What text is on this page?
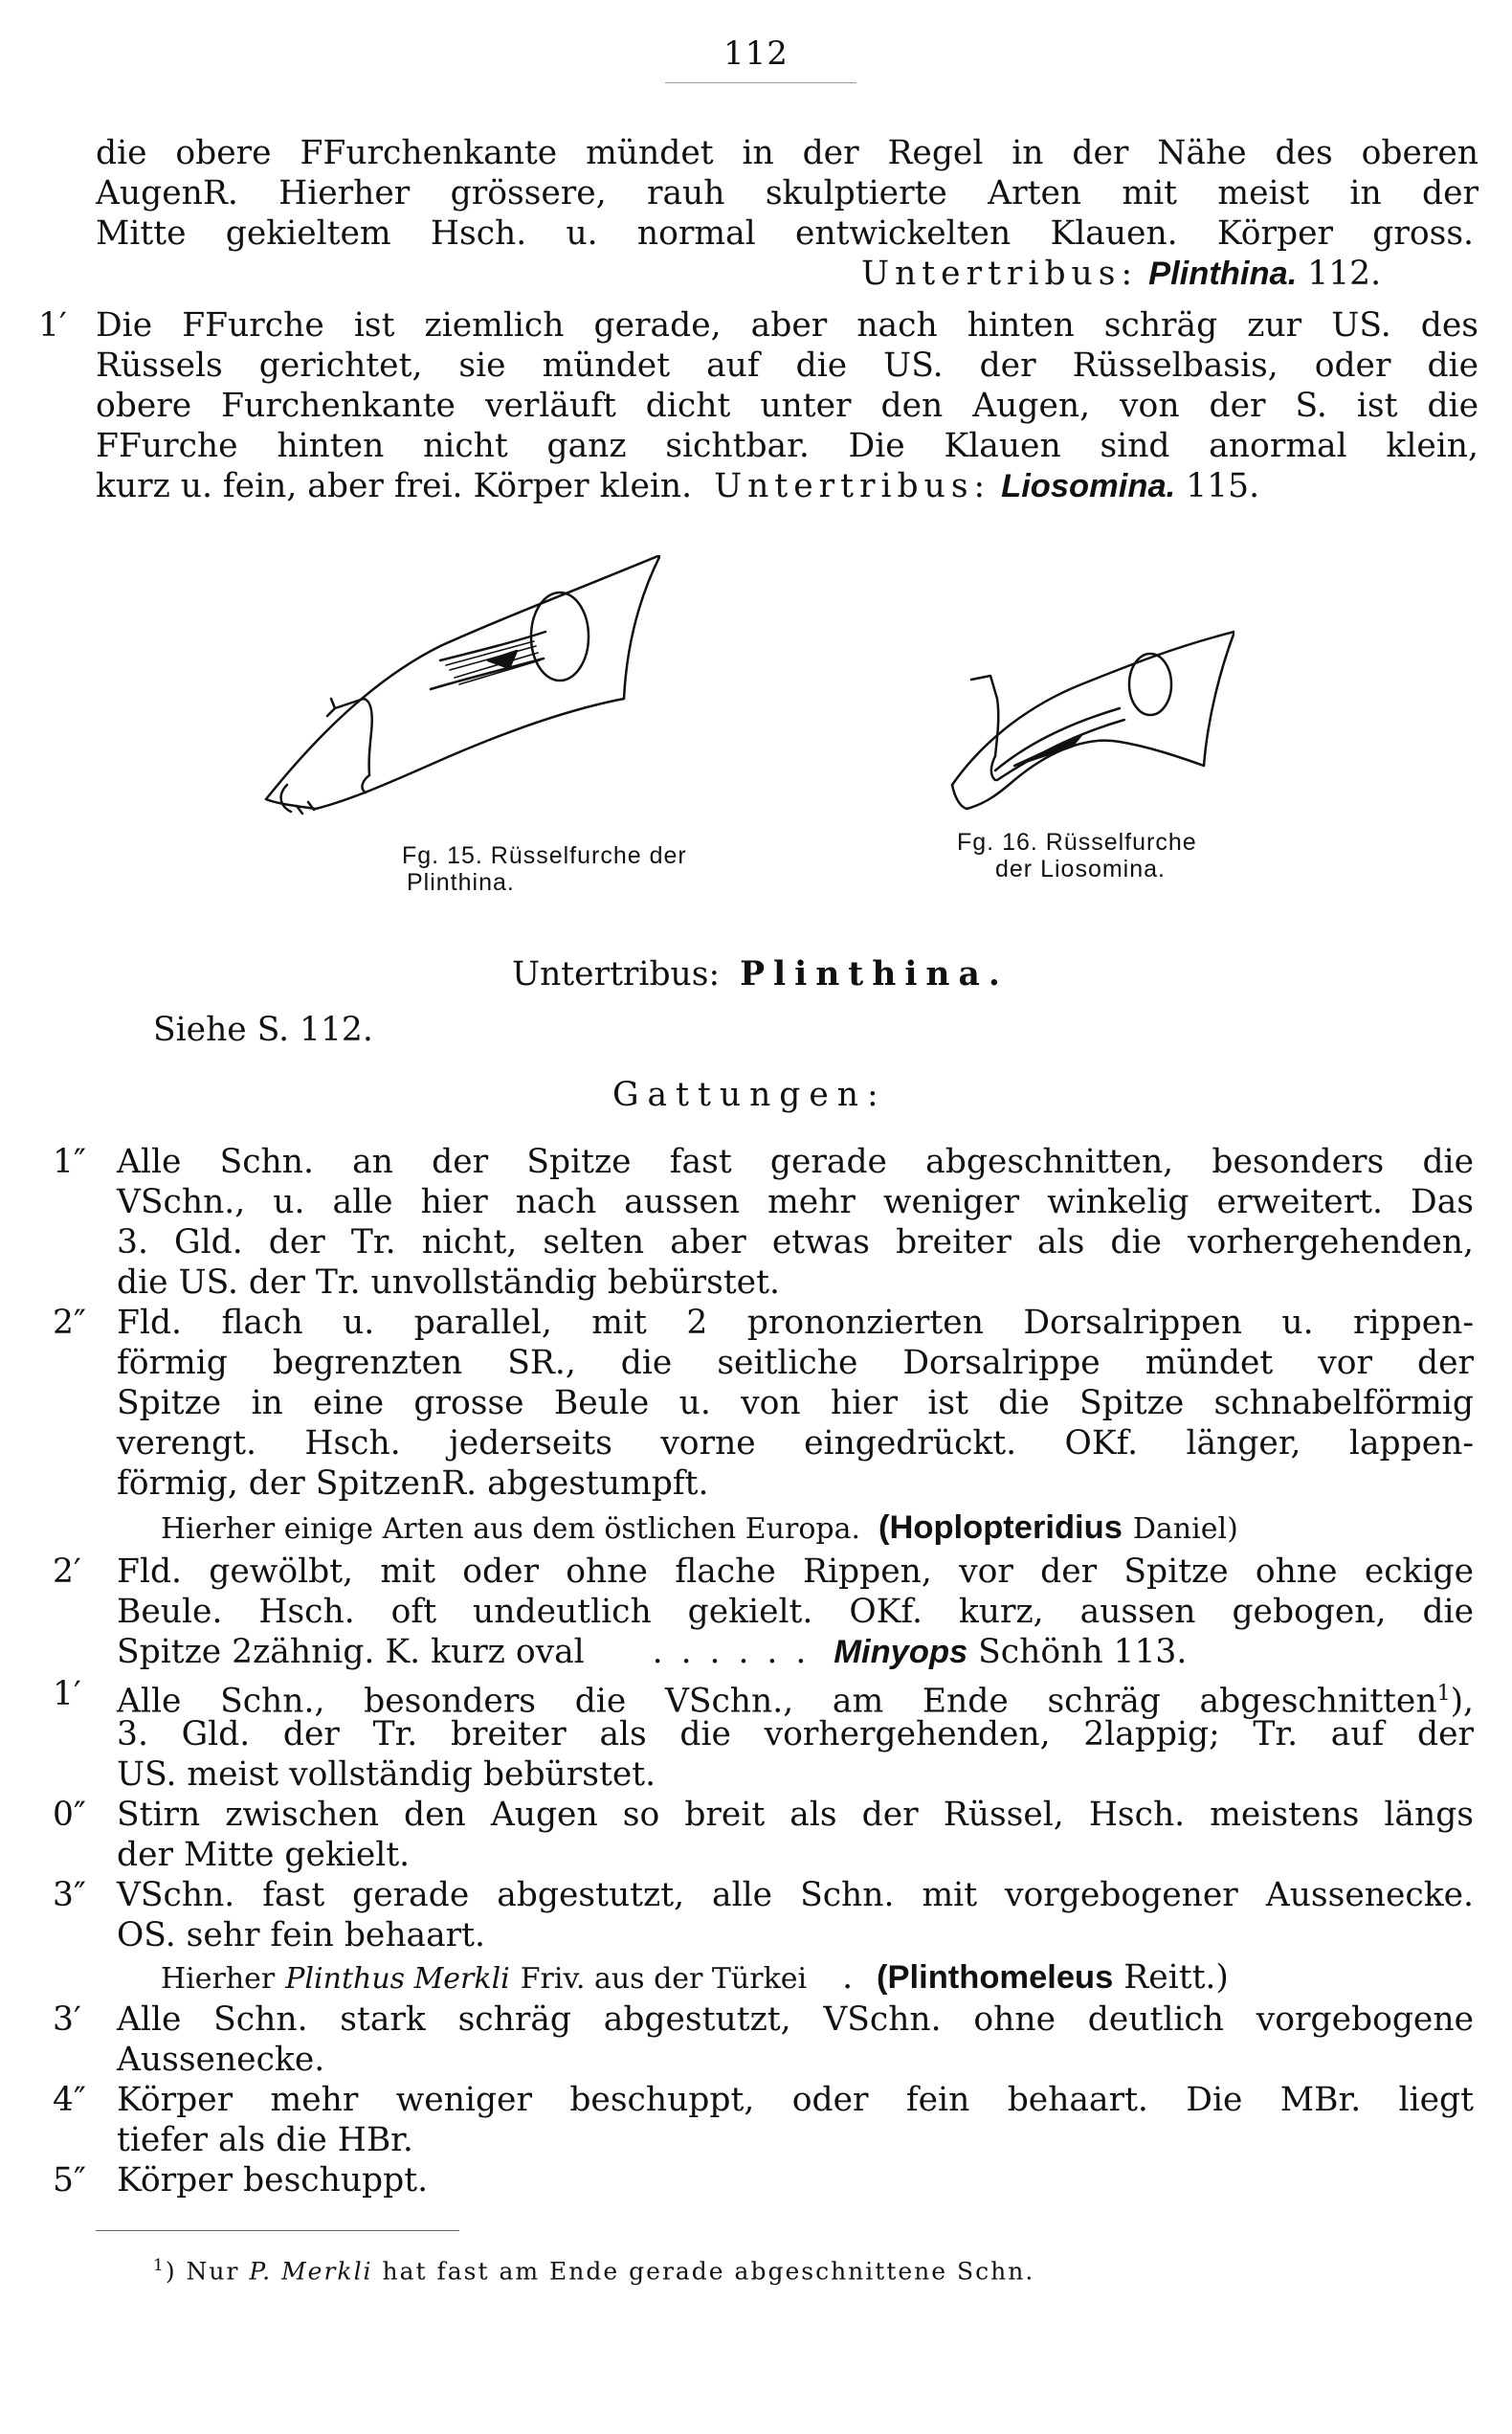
112
die obere FFurchenkante mündet in der Regel in der Nähe des oberen
AugenR. Hierher grössere, rauh skulptierte Arten mit meist in der
Mitte gekieltem Hsch. u. normal entwickelten Klauen. Körper gross.
Untertribus: Plinthina. 112.
1′ Die FFurche ist ziemlich gerade, aber nach hinten schräg zur US. des
Rüssels gerichtet, sie mündet auf die US. der Rüsselbasis, oder die
obere Furchenkante verläuft dicht unter den Augen, von der S. ist die
FFurche hinten nicht ganz sichtbar. Die Klauen sind anormal klein,
kurz u. fein, aber frei. Körper klein. Untertribus: Liosomina. 115.
Fg. 15. Rüsselfurche der
Plinthina.
Fg. 16. Rüsselfurche
der Liosomina.
Untertribus: Plinthina.
Siehe S. 112.
Gattungen:
1″ Alle Schn. an der Spitze fast gerade abgeschnitten, besonders die
VSchn., u. alle hier nach aussen mehr weniger winkelig erweitert. Das
3. Gld. der Tr. nicht, selten aber etwas breiter als die vorhergehenden,
die US. der Tr. unvollständig bebürstet.
2″ Fld. flach u. parallel, mit 2 prononzierten Dorsalrippen u. rippen-
förmig begrenzten SR., die seitliche Dorsalrippe mündet vor der
Spitze in eine grosse Beule u. von hier ist die Spitze schnabelförmig
verengt. Hsch. jederseits vorne eingedrückt. OKf. länger, lappen-
förmig, der SpitzenR. abgestumpft.
Hierher einige Arten aus dem östlichen Europa. (Hoplopteridius Daniel)
2′ Fld. gewölbt, mit oder ohne flache Rippen, vor der Spitze ohne eckige
Beule. Hsch. oft undeutlich gekielt. OKf. kurz, aussen gebogen, die
Spitze 2zähnig. K. kurz oval . . . . . . Minyops Schönh 113.
1′ Alle Schn., besonders die VSchn., am Ende schräg abgeschnitten$^1$),
3. Gld. der Tr. breiter als die vorhergehenden, 2lappig; Tr. auf der
US. meist vollständig bebürstet.
0″ Stirn zwischen den Augen so breit als der Rüssel, Hsch. meistens längs
der Mitte gekielt.
3″ VSchn. fast gerade abgestutzt, alle Schn. mit vorgebogener Aussenecke.
OS. sehr fein behaart.
Hierher Plinthus Merkli Friv. aus der Türkei . (Plinthomeleus Reitt.)
3′ Alle Schn. stark schräg abgestutzt, VSchn. ohne deutlich vorgebogene
Aussenecke.
4″ Körper mehr weniger beschuppt, oder fein behaart. Die MBr. liegt
tiefer als die HBr.
5″ Körper beschuppt.
$^1$) Nur P. Merkli hat fast am Ende gerade abgeschnittene Schn.
